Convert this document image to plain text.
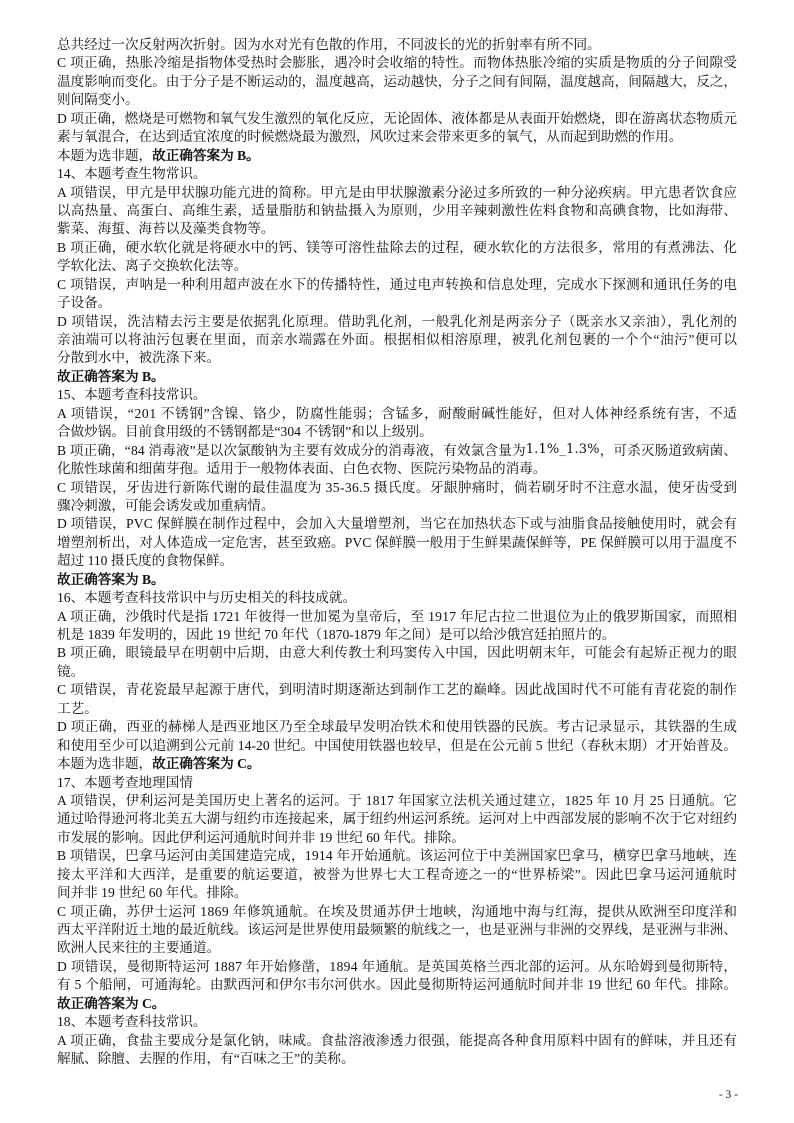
总共经过一次反射两次折射。因为水对光有色散的作用，不同波长的光的折射率有所不同。
C 项正确，热胀冷缩是指物体受热时会膨胀，遇冷时会收缩的特性。而物体热胀冷缩的实质是物质的分子间隙受
温度影响而变化。由于分子是不断运动的，温度越高，运动越快，分子之间有间隔，温度越高，间隔越大，反之，
则间隔变小。
D 项正确，燃烧是可燃物和氧气发生激烈的氧化反应，无论固体、液体都是从表面开始燃烧，即在游离状态物质元
素与氧混合，在达到适宜浓度的时候燃烧最为激烈，风吹过来会带来更多的氧气，从而起到助燃的作用。
本题为选非题，故正确答案为 B。
14、本题考查生物常识。
A 项错误，甲亢是甲状腺功能亢进的简称。甲亢是由甲状腺激素分泌过多所致的一种分泌疾病。甲亢患者饮食应
以高热量、高蛋白、高维生素，适量脂肪和钠盐摄入为原则，少用辛辣刺激性佐料食物和高碘食物，比如海带、
紫菜、海蜇、海苔以及藻类食物等。
B 项正确，硬水软化就是将硬水中的钙、镁等可溶性盐除去的过程，硬水软化的方法很多，常用的有煮沸法、化
学软化法、离子交换软化法等。
C 项错误，声呐是一种利用超声波在水下的传播特性，通过电声转换和信息处理，完成水下探测和通讯任务的电
子设备。
D 项错误，洗洁精去污主要是依据乳化原理。借助乳化剂，一般乳化剂是两亲分子（既亲水又亲油），乳化剂的
亲油端可以将油污包裹在里面，而亲水端露在外面。根据相似相溶原理，被乳化剂包裹的一个个“油污”便可以
分散到水中，被洗涤下来。
故正确答案为 B。
15、本题考查科技常识。
A 项错误，“201 不锈钢”含镍、铬少，防腐性能弱；含锰多，耐酸耐碱性能好，但对人体神经系统有害，不适
合做炒锅。目前食用级的不锈钢都是“304 不锈钢”和以上级别。
B 项正确，“84 消毒液”是以次氯酸钠为主要有效成分的消毒液，有效氯含量为1.1%_1.3%，可杀灭肠道致病菌、
化脓性球菌和细菌芽孢。适用于一般物体表面、白色衣物、医院污染物品的消毒。
C 项错误，牙齿进行新陈代谢的最佳温度为 35-36.5 摄氏度。牙龈肿痛时，倘若刷牙时不注意水温，使牙齿受到
骤冷刺激，可能会诱发或加重病情。
D 项错误，PVC 保鲜膜在制作过程中，会加入大量增塑剂，当它在加热状态下或与油脂食品接触使用时，就会有
增塑剂析出，对人体造成一定危害，甚至致癌。PVC 保鲜膜一般用于生鲜果蔬保鲜等，PE 保鲜膜可以用于温度不
超过 110 摄氏度的食物保鲜。
故正确答案为 B。
16、本题考查科技常识中与历史相关的科技成就。
A 项正确，沙俄时代是指 1721 年彼得一世加冕为皇帝后，至 1917 年尼古拉二世退位为止的俄罗斯国家，而照相
机是 1839 年发明的，因此 19 世纪 70 年代（1870-1879 年之间）是可以给沙俄宫廷拍照片的。
B 项正确，眼镜最早在明朝中后期，由意大利传教士利玛窦传入中国，因此明朝末年，可能会有起矫正视力的眼
镜。
C 项错误，青花瓷最早起源于唐代，到明清时期逐渐达到制作工艺的巅峰。因此战国时代不可能有青花瓷的制作
工艺。
D 项正确，西亚的赫梯人是西亚地区乃至全球最早发明冶铁术和使用铁器的民族。考古记录显示，其铁器的生成
和使用至少可以追溯到公元前 14-20 世纪。中国使用铁器也较早，但是在公元前 5 世纪（春秋末期）才开始普及。
本题为选非题，故正确答案为 C。
17、本题考查地理国情
A 项错误，伊利运河是美国历史上著名的运河。于 1817 年国家立法机关通过建立，1825 年 10 月 25 日通航。它
通过哈得逊河将北美五大湖与纽约市连接起来，属于纽约州运河系统。运河对上中西部发展的影响不次于它对纽约
市发展的影响。因此伊利运河通航时间并非 19 世纪 60 年代。排除。
B 项错误，巴拿马运河由美国建造完成，1914 年开始通航。该运河位于中美洲国家巴拿马，横穿巴拿马地峡，连
接太平洋和大西洋，是重要的航运要道，被誉为世界七大工程奇迹之一的“世界桥梁”。因此巴拿马运河通航时
间并非 19 世纪 60 年代。排除。
C 项正确，苏伊士运河 1869 年修筑通航。在埃及贯通苏伊士地峡，沟通地中海与红海，提供从欧洲至印度洋和
西太平洋附近土地的最近航线。该运河是世界使用最频繁的航线之一，也是亚洲与非洲的交界线，是亚洲与非洲、
欧洲人民来往的主要通道。
D 项错误，曼彻斯特运河 1887 年开始修凿，1894 年通航。是英国英格兰西北部的运河。从东哈姆到曼彻斯特，
有 5 个船闸，可通海轮。由默西河和伊尔韦尔河供水。因此曼彻斯特运河通航时间并非 19 世纪 60 年代。排除。
故正确答案为 C。
18、本题考查科技常识。
A 项正确，食盐主要成分是氯化钠，味咸。食盐溶液渗透力很强，能提高各种食用原料中固有的鲜味，并且还有
解腻、除膻、去腥的作用，有“百味之王”的美称。
- 3 -
